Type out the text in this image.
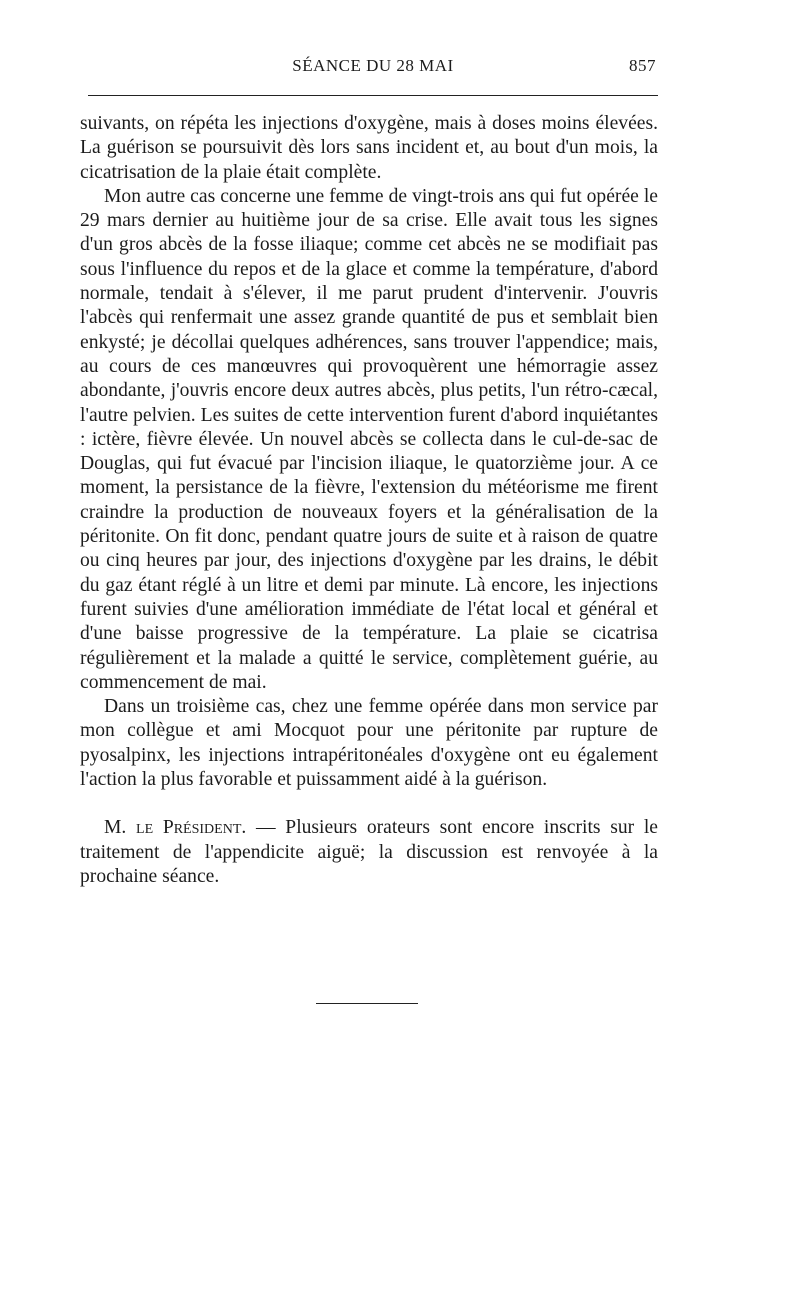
SÉANCE DU 28 MAI	857

suivants, on répéta les injections d'oxygène, mais à doses moins élevées. La guérison se poursuivit dès lors sans incident et, au bout d'un mois, la cicatrisation de la plaie était complète.

Mon autre cas concerne une femme de vingt-trois ans qui fut opérée le 29 mars dernier au huitième jour de sa crise. Elle avait tous les signes d'un gros abcès de la fosse iliaque; comme cet abcès ne se modifiait pas sous l'influence du repos et de la glace et comme la température, d'abord normale, tendait à s'élever, il me parut prudent d'intervenir. J'ouvris l'abcès qui renfermait une assez grande quantité de pus et semblait bien enkysté; je décollai quelques adhérences, sans trouver l'appendice; mais, au cours de ces manœuvres qui provoquèrent une hémorragie assez abondante, j'ouvris encore deux autres abcès, plus petits, l'un rétro-cæcal, l'autre pelvien. Les suites de cette intervention furent d'abord inquiétantes : ictère, fièvre élevée. Un nouvel abcès se collecta dans le cul-de-sac de Douglas, qui fut évacué par l'incision iliaque, le quatorzième jour. A ce moment, la persistance de la fièvre, l'extension du météorisme me firent craindre la production de nouveaux foyers et la généralisation de la péritonite. On fit donc, pendant quatre jours de suite et à raison de quatre ou cinq heures par jour, des injections d'oxygène par les drains, le débit du gaz étant réglé à un litre et demi par minute. Là encore, les injections furent suivies d'une amélioration immédiate de l'état local et général et d'une baisse progressive de la température. La plaie se cicatrisa régulièrement et la malade a quitté le service, complètement guérie, au commencement de mai.

Dans un troisième cas, chez une femme opérée dans mon service par mon collègue et ami Mocquot pour une péritonite par rupture de pyosalpinx, les injections intrapéritonéales d'oxygène ont eu également l'action la plus favorable et puissamment aidé à la guérison.

M. le Président. — Plusieurs orateurs sont encore inscrits sur le traitement de l'appendicite aiguë; la discussion est renvoyée à la prochaine séance.
